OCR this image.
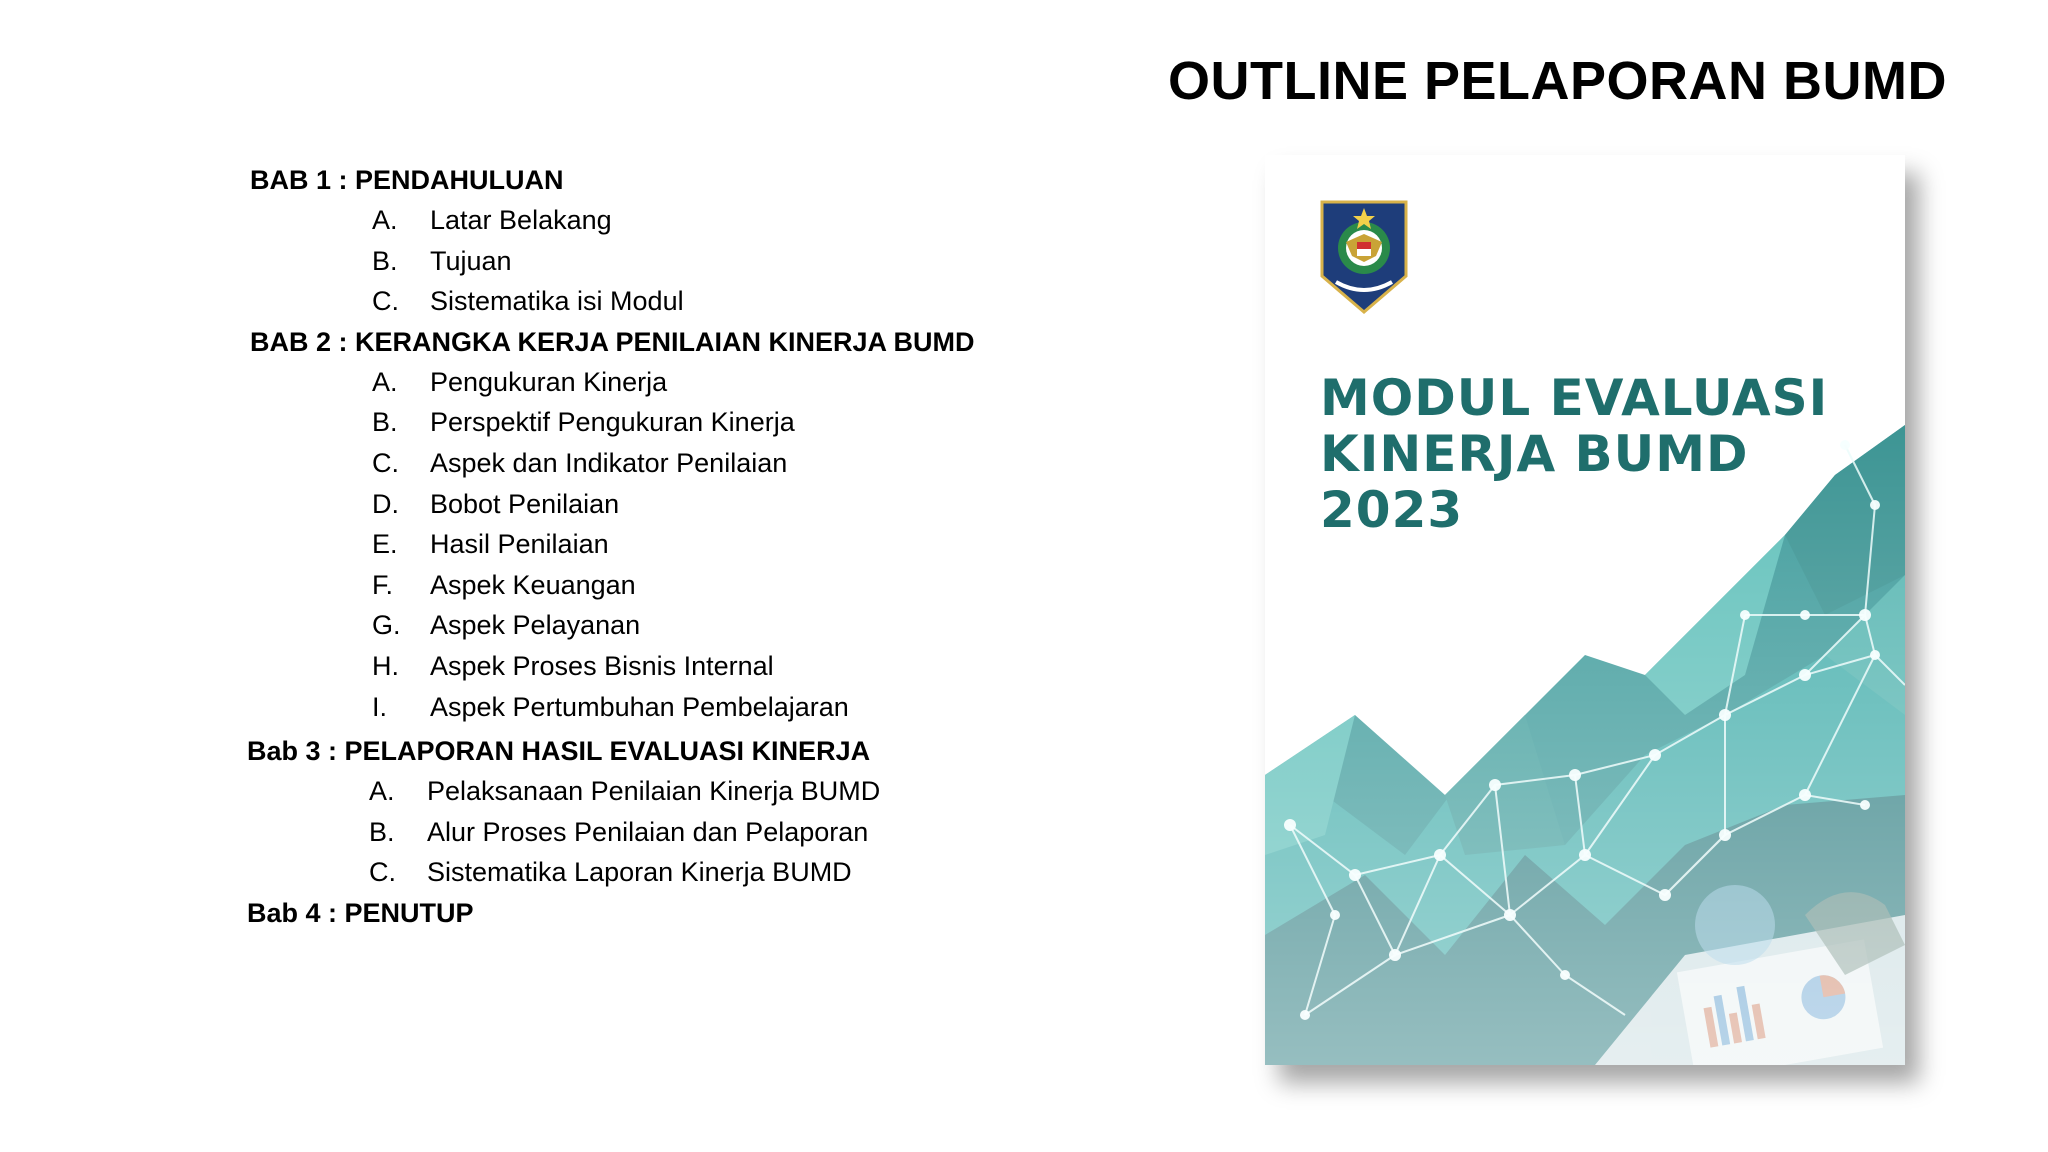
OUTLINE PELAPORAN BUMD
BAB 1 : PENDAHULUAN
A.	Latar Belakang
B.	Tujuan
C.	Sistematika isi Modul
BAB 2 : KERANGKA KERJA PENILAIAN KINERJA BUMD
A.	Pengukuran Kinerja
B.	Perspektif Pengukuran Kinerja
C.	Aspek dan Indikator Penilaian
D.	Bobot Penilaian
E.	Hasil Penilaian
F.	Aspek Keuangan
G.	Aspek Pelayanan
H.	Aspek Proses Bisnis Internal
I.	Aspek Pertumbuhan Pembelajaran
Bab 3 : PELAPORAN HASIL EVALUASI KINERJA
A.	Pelaksanaan Penilaian Kinerja BUMD
B.	Alur Proses Penilaian dan Pelaporan
C.	Sistematika Laporan Kinerja BUMD
Bab 4 : PENUTUP
MODUL EVALUASI
KINERJA BUMD
2023
